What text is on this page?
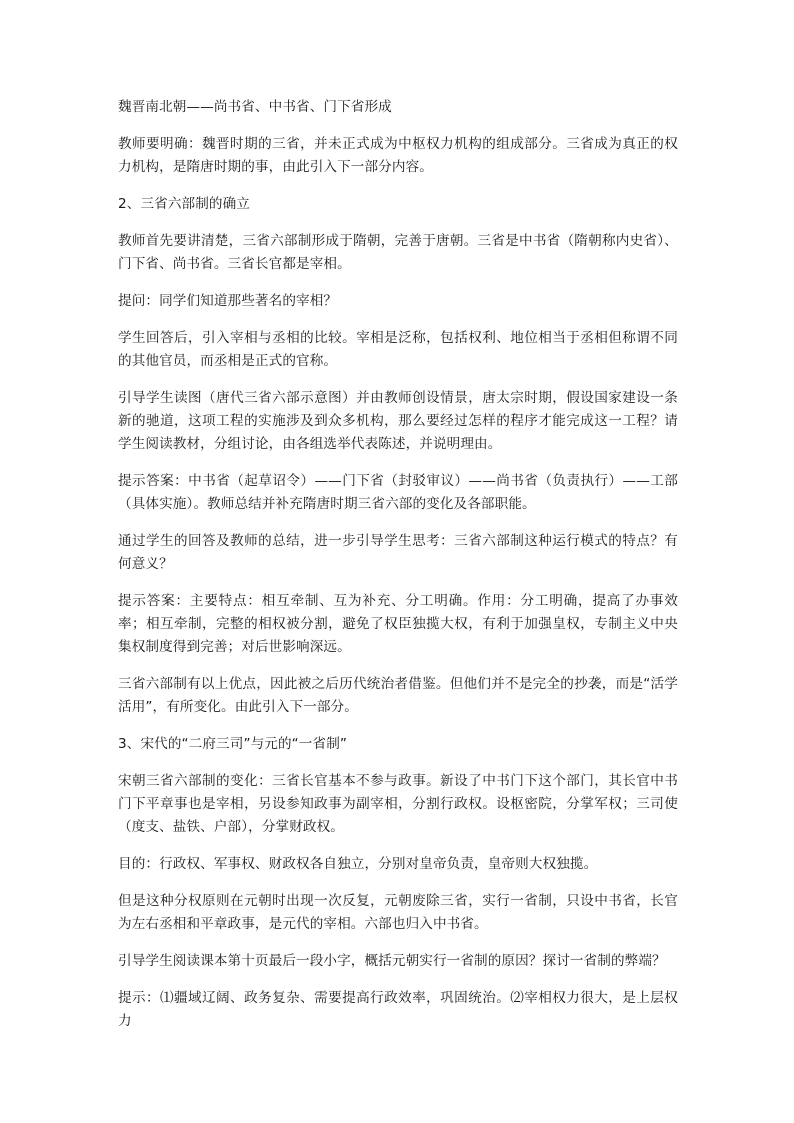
魏晋南北朝——尚书省、中书省、门下省形成

教师要明确：魏晋时期的三省，并未正式成为中枢权力机构的组成部分。三省成为真正的权力机构，是隋唐时期的事，由此引入下一部分内容。

2、三省六部制的确立

教师首先要讲清楚，三省六部制形成于隋朝，完善于唐朝。三省是中书省（隋朝称内史省）、门下省、尚书省。三省长官都是宰相。

提问：同学们知道那些著名的宰相？

学生回答后，引入宰相与丞相的比较。宰相是泛称，包括权利、地位相当于丞相但称谓不同的其他官员，而丞相是正式的官称。

引导学生读图（唐代三省六部示意图）并由教师创设情景，唐太宗时期，假设国家建设一条新的驰道，这项工程的实施涉及到众多机构，那么要经过怎样的程序才能完成这一工程？请学生阅读教材，分组讨论，由各组选举代表陈述，并说明理由。

提示答案：中书省（起草诏令）——门下省（封驳审议）——尚书省（负责执行）——工部（具体实施）。教师总结并补充隋唐时期三省六部的变化及各部职能。

通过学生的回答及教师的总结，进一步引导学生思考：三省六部制这种运行模式的特点？有何意义？

提示答案：主要特点：相互牵制、互为补充、分工明确。作用：分工明确，提高了办事效率；相互牵制，完整的相权被分割，避免了权臣独揽大权，有利于加强皇权，专制主义中央集权制度得到完善；对后世影响深远。

三省六部制有以上优点，因此被之后历代统治者借鉴。但他们并不是完全的抄袭，而是“活学活用”，有所变化。由此引入下一部分。

3、宋代的“二府三司”与元的“一省制”

宋朝三省六部制的变化：三省长官基本不参与政事。新设了中书门下这个部门，其长官中书门下平章事也是宰相，另设参知政事为副宰相，分割行政权。设枢密院，分掌军权；三司使（度支、盐铁、户部），分掌财政权。

目的：行政权、军事权、财政权各自独立，分别对皇帝负责，皇帝则大权独揽。

但是这种分权原则在元朝时出现一次反复，元朝废除三省，实行一省制，只设中书省，长官为左右丞相和平章政事，是元代的宰相。六部也归入中书省。

引导学生阅读课本第十页最后一段小字，概括元朝实行一省制的原因？探讨一省制的弊端？

提示：⑴疆域辽阔、政务复杂、需要提高行政效率，巩固统治。⑵宰相权力很大，是上层权力
